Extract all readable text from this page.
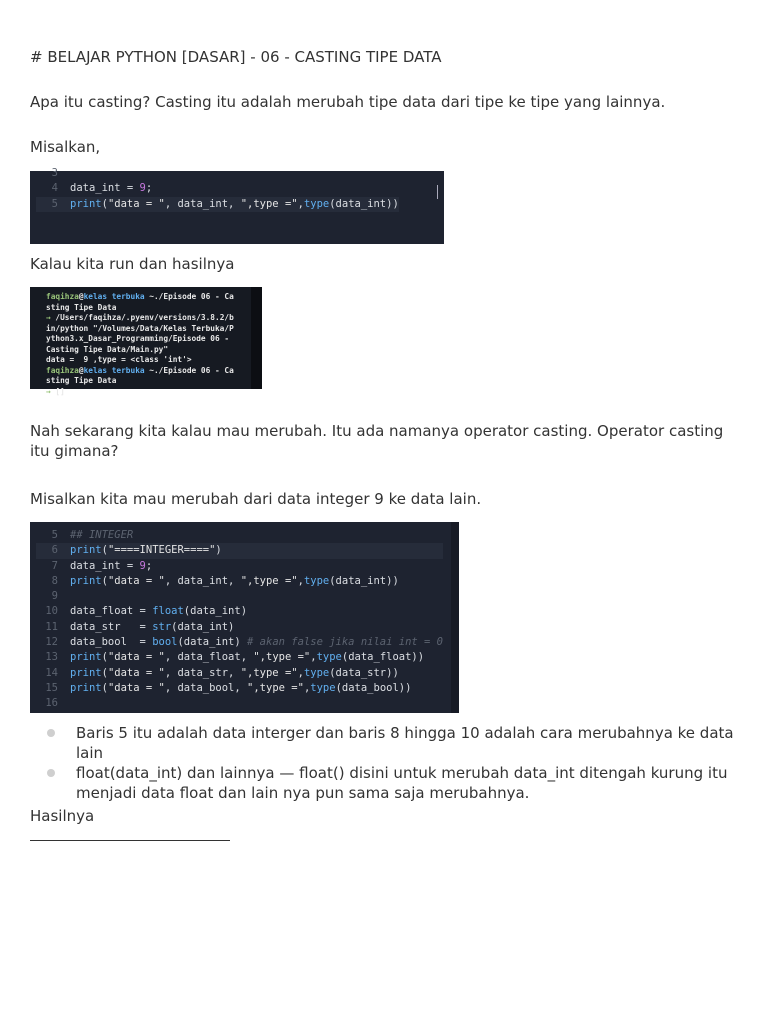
# BELAJAR PYTHON [DASAR] - 06 - CASTING TIPE DATA

Apa itu casting? Casting itu adalah merubah tipe data dari tipe ke tipe yang lainnya.

Misalkan,

3
4 data_int = 9;
5 print("data = ", data_int, ",type =",type(data_int))

Kalau kita run dan hasilnya

faqihza@kelas terbuka ~./Episode 06 - Ca
sting Tipe Data
→ /Users/faqihza/.pyenv/versions/3.8.2/b
in/python "/Volumes/Data/Kelas Terbuka/P
ython3.x_Dasar_Programming/Episode 06 -
Casting Tipe Data/Main.py"
data =  9 ,type = <class 'int'>
faqihza@kelas terbuka ~./Episode 06 - Ca
sting Tipe Data
→ []

Nah sekarang kita kalau mau merubah. Itu ada namanya operator casting. Operator casting itu gimana?

Misalkan kita mau merubah dari data integer 9 ke data lain.

5 ## INTEGER
6 print("====INTEGER====")
7 data_int = 9;
8 print("data = ", data_int, ",type =",type(data_int))
9
10 data_float = float(data_int)
11 data_str   = str(data_int)
12 data_bool  = bool(data_int) # akan false jika nilai int = 0
13 print("data = ", data_float, ",type =",type(data_float))
14 print("data = ", data_str, ",type =",type(data_str))
15 print("data = ", data_bool, ",type =",type(data_bool))
16
Baris 5 itu adalah data interger dan baris 8 hingga 10 adalah cara merubahnya ke data lain
float(data_int) dan lainnya — float() disini untuk merubah data_int ditengah kurung itu menjadi data float dan lain nya pun sama saja merubahnya.

Hasilnya
